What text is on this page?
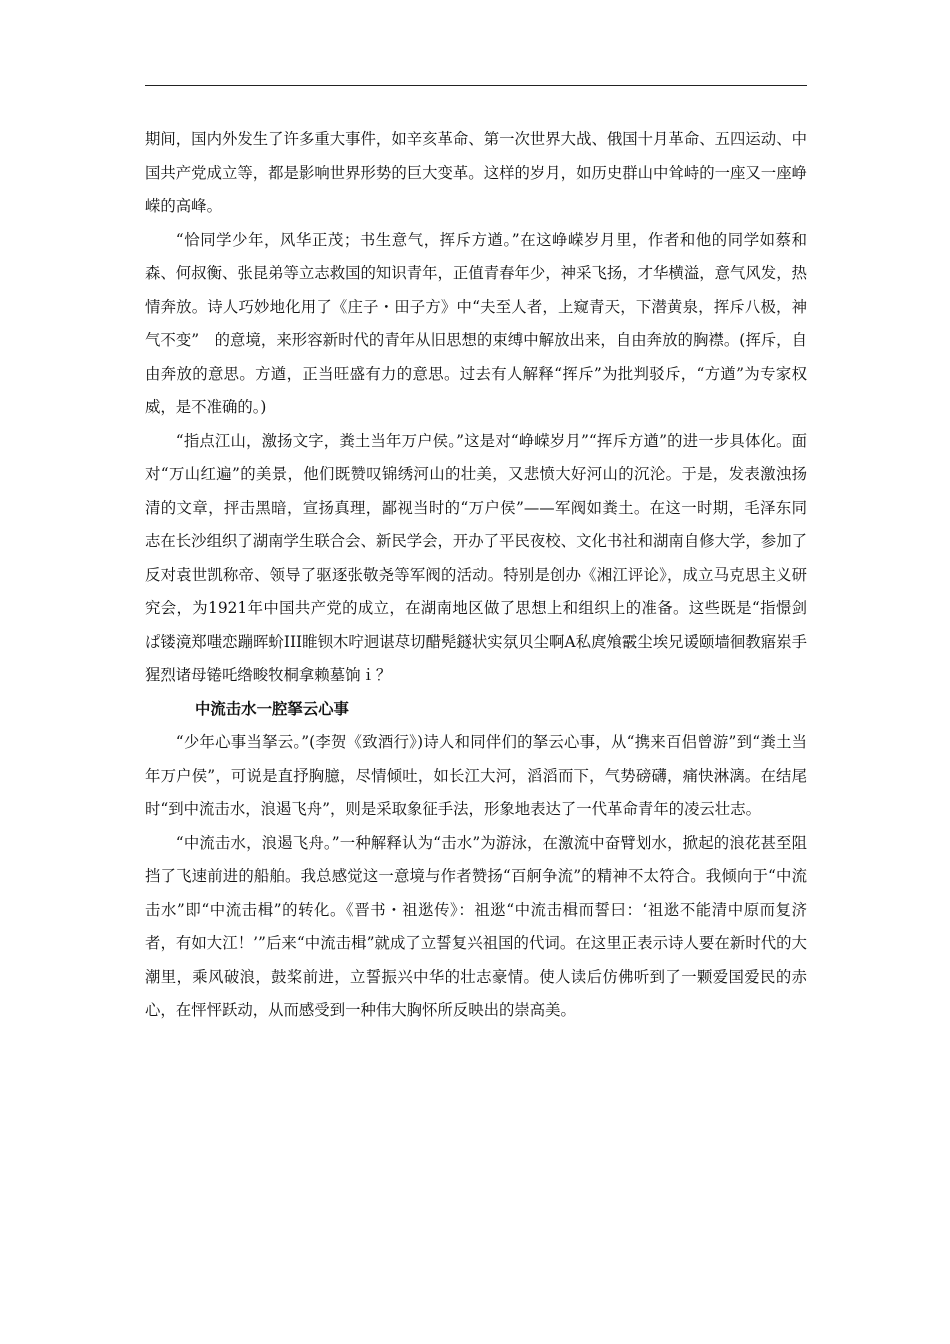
期间，国内外发生了许多重大事件，如辛亥革命、第一次世界大战、俄国十月革命、五四运动、中国共产党成立等，都是影响世界形势的巨大变革。这样的岁月，如历史群山中耸峙的一座又一座峥嵘的高峰。

“恰同学少年，风华正茂；书生意气，挥斥方遒。”在这峥嵘岁月里，作者和他的同学如蔡和森、何叔衡、张昆弟等立志救国的知识青年，正值青春年少，神采飞扬，才华横溢，意气风发，热情奔放。诗人巧妙地化用了《庄子・田子方》中“夫至人者，上窥青天，下潜黄泉，挥斥八极，神气不变”　的意境，来形容新时代的青年从旧思想的束缚中解放出来，自由奔放的胸襟。(挥斥，自由奔放的意思。方遒，正当旺盛有力的意思。过去有人解释“挥斥”为批判驳斥，“方遒”为专家权威，是不准确的。)

“指点江山，激扬文字，粪土当年万户侯。”这是对“峥嵘岁月”“挥斥方遒”的进一步具体化。面对“万山红遍”的美景，他们既赞叹锦绣河山的壮美，又悲愤大好河山的沉沦。于是，发表激浊扬清的文章，抨击黑暗，宣扬真理，鄙视当时的“万户侯”——军阀如粪土。在这一时期，毛泽东同志在长沙组织了湖南学生联合会、新民学会，开办了平民夜校、文化书社和湖南自修大学，参加了反对袁世凯称帝、领导了驱逐张敬尧等军阀的活动。特别是创办《湘江评论》，成立马克思主义研究会，为1921年中国共产党的成立，在湖南地区做了思想上和组织上的准备。这些既是“指憬剑ぱ镂滰郑嗤恋蹦晖蚧III睢钡木咛迥谌荩切醋髡鐩状实氛贝尘啊A私庹飧霰尘埃兄谖颐墙徊教寤岽手猩烈诸母锩吒绺畯牧桐拿赖墓饷ｉ？

中流击水一腔拏云心事

“少年心事当拏云。”(李贺《致酒行》)诗人和同伴们的拏云心事，从“携来百侣曾游”到“粪土当年万户侯”，可说是直抒胸臆，尽情倾吐，如长江大河，滔滔而下，气势磅礴，痛快淋漓。在结尾时“到中流击水，浪遏飞舟”，则是采取象征手法，形象地表达了一代革命青年的凌云壮志。

“中流击水，浪遏飞舟。”一种解释认为“击水”为游泳，在激流中奋臂划水，掀起的浪花甚至阻挡了飞速前进的船舶。我总感觉这一意境与作者赞扬“百舸争流”的精神不太符合。我倾向于“中流击水”即“中流击楫”的转化。《晋书・祖逖传》：祖逖“中流击楫而誓曰：‘祖逖不能清中原而复济者，有如大江！’”后来“中流击楫”就成了立誓复兴祖国的代词。在这里正表示诗人要在新时代的大潮里，乘风破浪，鼓桨前进，立誓振兴中华的壮志豪情。使人读后仿佛听到了一颗爱国爱民的赤心，在怦怦跃动，从而感受到一种伟大胸怀所反映出的崇高美。
